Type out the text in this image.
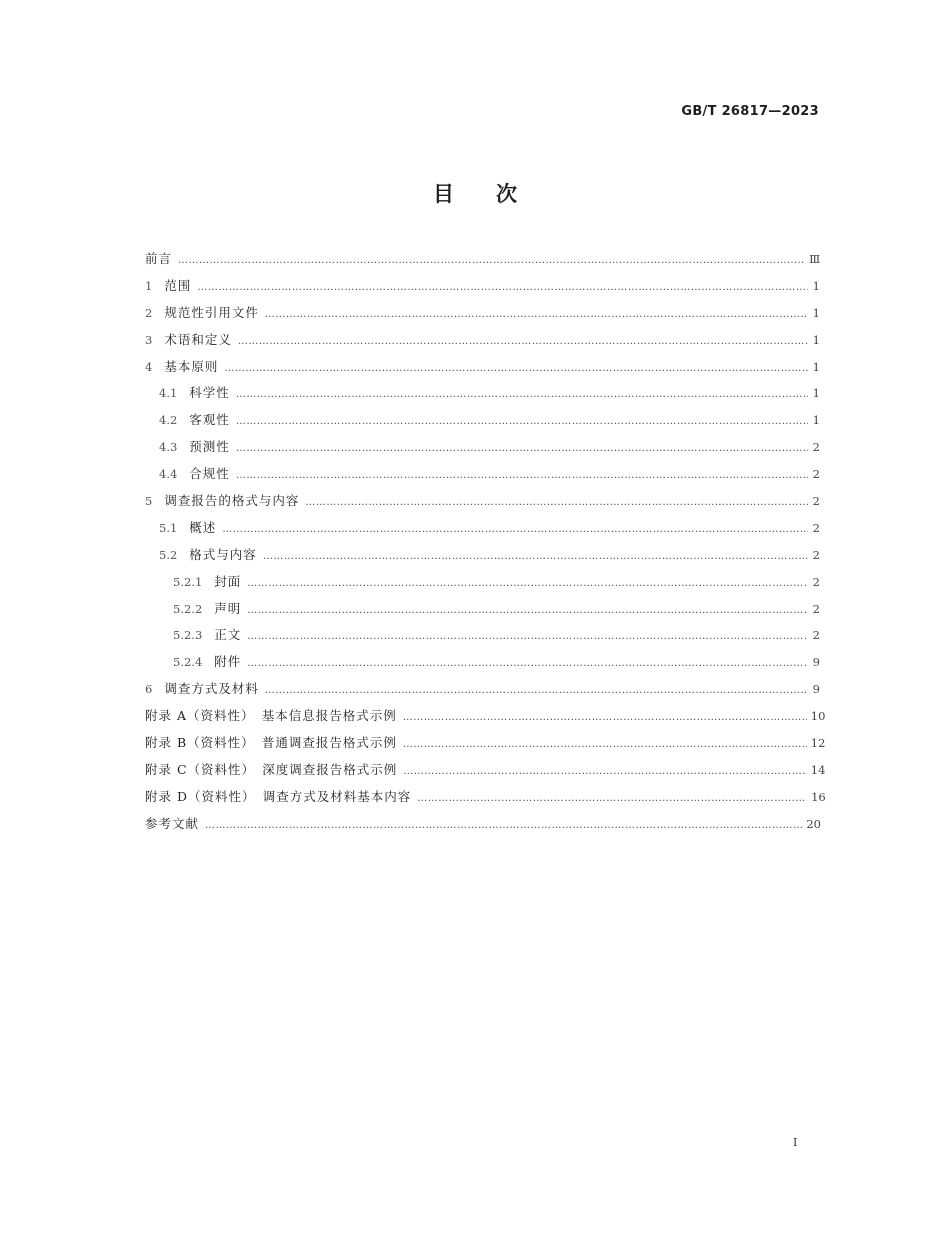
GB/T 26817—2023
目　　次
前言 …………………………………………………………………………………………………………………………………………………………………	Ⅲ
1 范围 …………………………………………………………………………………………………………………………………………………………………	1
2 规范性引用文件 …………………………………………………………………………………………………………………………………………………………………	1
3 术语和定义 …………………………………………………………………………………………………………………………………………………………………	1
4 基本原则 …………………………………………………………………………………………………………………………………………………………………	1
4.1 科学性 …………………………………………………………………………………………………………………………………………………………………	1
4.2 客观性 …………………………………………………………………………………………………………………………………………………………………	1
4.3 预测性 …………………………………………………………………………………………………………………………………………………………………	2
4.4 合规性 …………………………………………………………………………………………………………………………………………………………………	2
5 调查报告的格式与内容 …………………………………………………………………………………………………………………………………………………………………	2
5.1 概述 …………………………………………………………………………………………………………………………………………………………………	2
5.2 格式与内容 …………………………………………………………………………………………………………………………………………………………………	2
5.2.1 封面 …………………………………………………………………………………………………………………………………………………………………	2
5.2.2 声明 …………………………………………………………………………………………………………………………………………………………………	2
5.2.3 正文 …………………………………………………………………………………………………………………………………………………………………	2
5.2.4 附件 …………………………………………………………………………………………………………………………………………………………………	9
6 调查方式及材料 …………………………………………………………………………………………………………………………………………………………………	9
附录 A（资料性）　基本信息报告格式示例 …………………………………………………………………………………………………………………………………………………………………	10
附录 B（资料性）　普通调查报告格式示例 …………………………………………………………………………………………………………………………………………………………………	12
附录 C（资料性）　深度调查报告格式示例 …………………………………………………………………………………………………………………………………………………………………	14
附录 D（资料性）　调查方式及材料基本内容 …………………………………………………………………………………………………………………………………………………………………	16
参考文献 …………………………………………………………………………………………………………………………………………………………………	20
I
